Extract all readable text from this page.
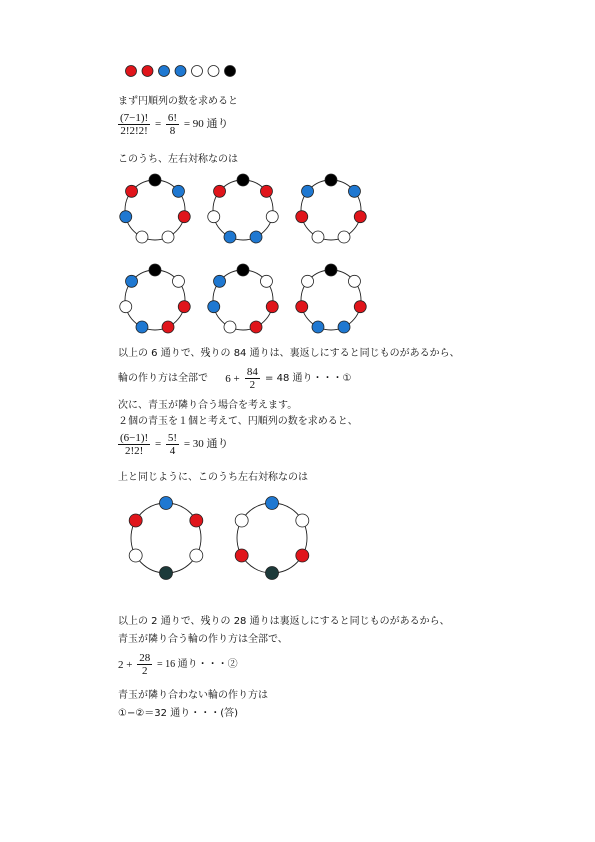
まず円順列の数を求めると
$\frac{(7-1)!}{2!2!2!} = \frac{6!}{8} = 90$ 通り
このうち、左右対称なのは
以上の 6 通りで、残りの 84 通りは、裏返しにすると同じものがあるから、
輪の作り方は全部で $6 + \frac{84}{2} = 48$ 通り・・・①
次に、青玉が隣り合う場合を考えます。
２個の青玉を１個と考えて、円順列の数を求めると、
$\frac{(6-1)!}{2!2!} = \frac{5!}{4} = 30$ 通り
上と同じように、このうち左右対称なのは
以上の 2 通りで、残りの 28 通りは裏返しにすると同じものがあるから、
青玉が隣り合う輪の作り方は全部で、
$2 + \frac{28}{2} = 16$ 通り・・・②
青玉が隣り合わない輪の作り方は
①−②＝32 通り・・・(答)
